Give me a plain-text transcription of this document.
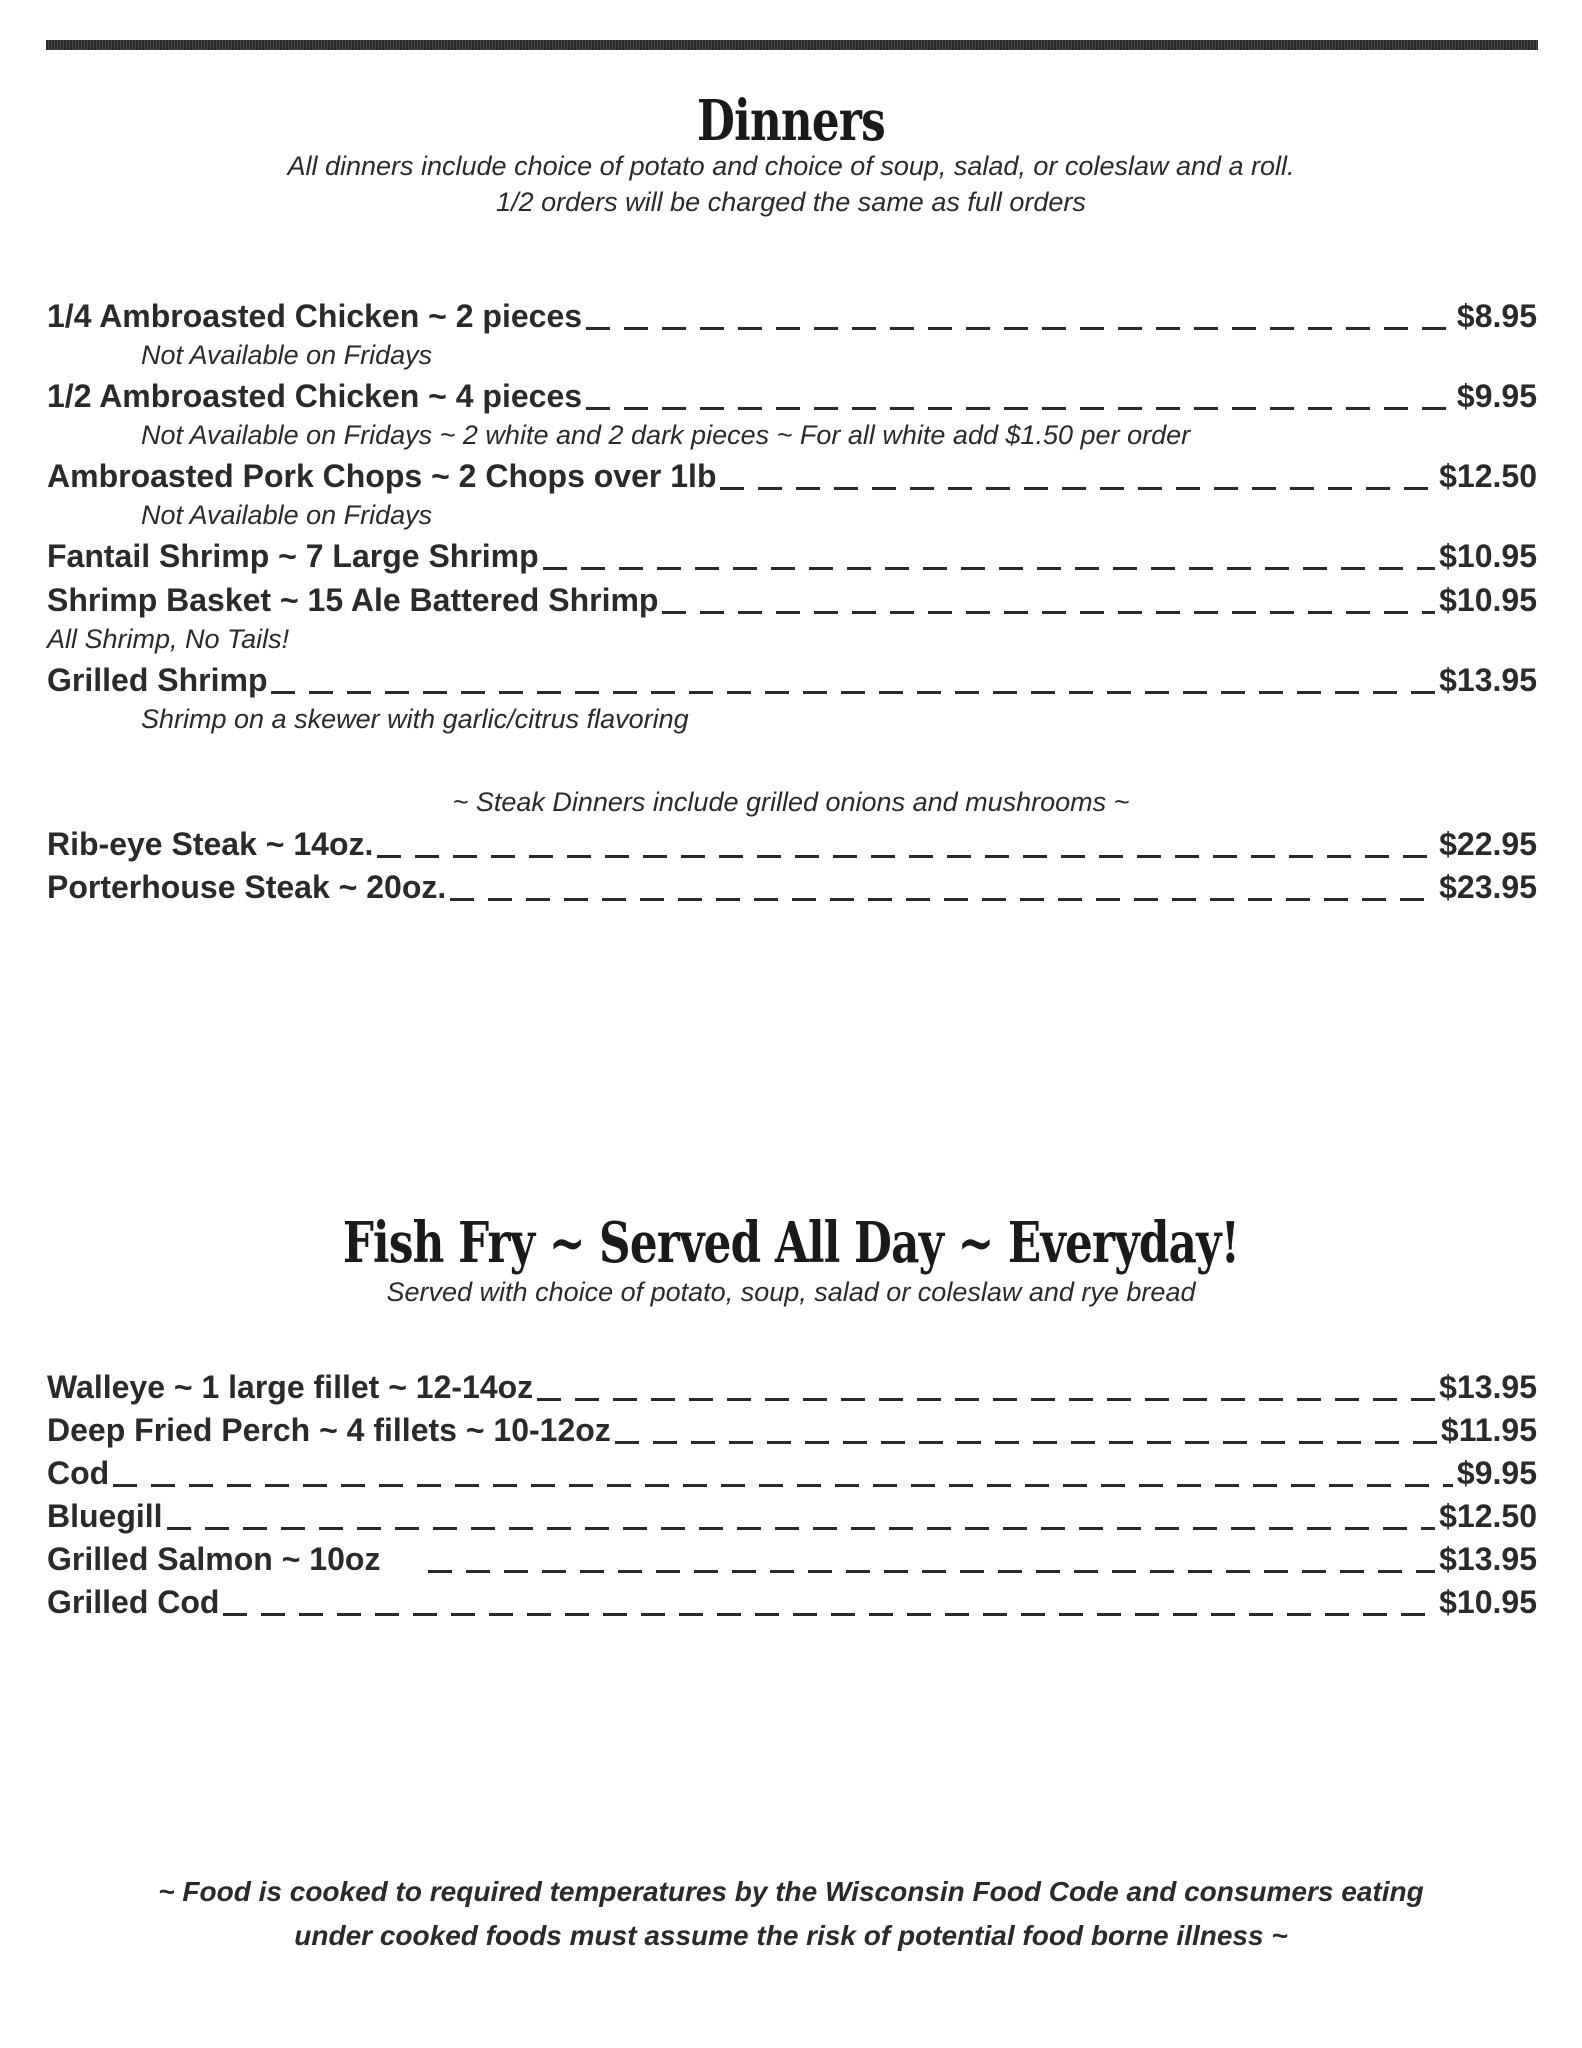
Dinners
All dinners include choice of potato and choice of soup, salad, or coleslaw and a roll.
1/2 orders will be charged the same as full orders
1/4 Ambroasted Chicken ~ 2 pieces	$8.95
Not Available on Fridays
1/2 Ambroasted Chicken ~ 4 pieces	$9.95
Not Available on Fridays ~ 2 white and 2 dark pieces ~ For all white add $1.50 per order
Ambroasted Pork Chops ~ 2 Chops over 1lb	$12.50
Not Available on Fridays
Fantail Shrimp ~ 7 Large Shrimp	$10.95
Shrimp Basket ~ 15 Ale Battered Shrimp	$10.95
All Shrimp, No Tails!
Grilled Shrimp	$13.95
Shrimp on a skewer with garlic/citrus flavoring
~ Steak Dinners include grilled onions and mushrooms ~
Rib-eye Steak ~ 14oz.	$22.95
Porterhouse Steak ~ 20oz.	$23.95
Fish Fry ~ Served All Day ~ Everyday!
Served with choice of potato, soup, salad or coleslaw and rye bread
Walleye ~ 1 large fillet ~ 12-14oz	$13.95
Deep Fried Perch ~ 4 fillets ~ 10-12oz	$11.95
Cod	$9.95
Bluegill	$12.50
Grilled Salmon ~ 10oz	$13.95
Grilled Cod	$10.95
~ Food is cooked to required temperatures by the Wisconsin Food Code and consumers eating
under cooked foods must assume the risk of potential food borne illness ~
